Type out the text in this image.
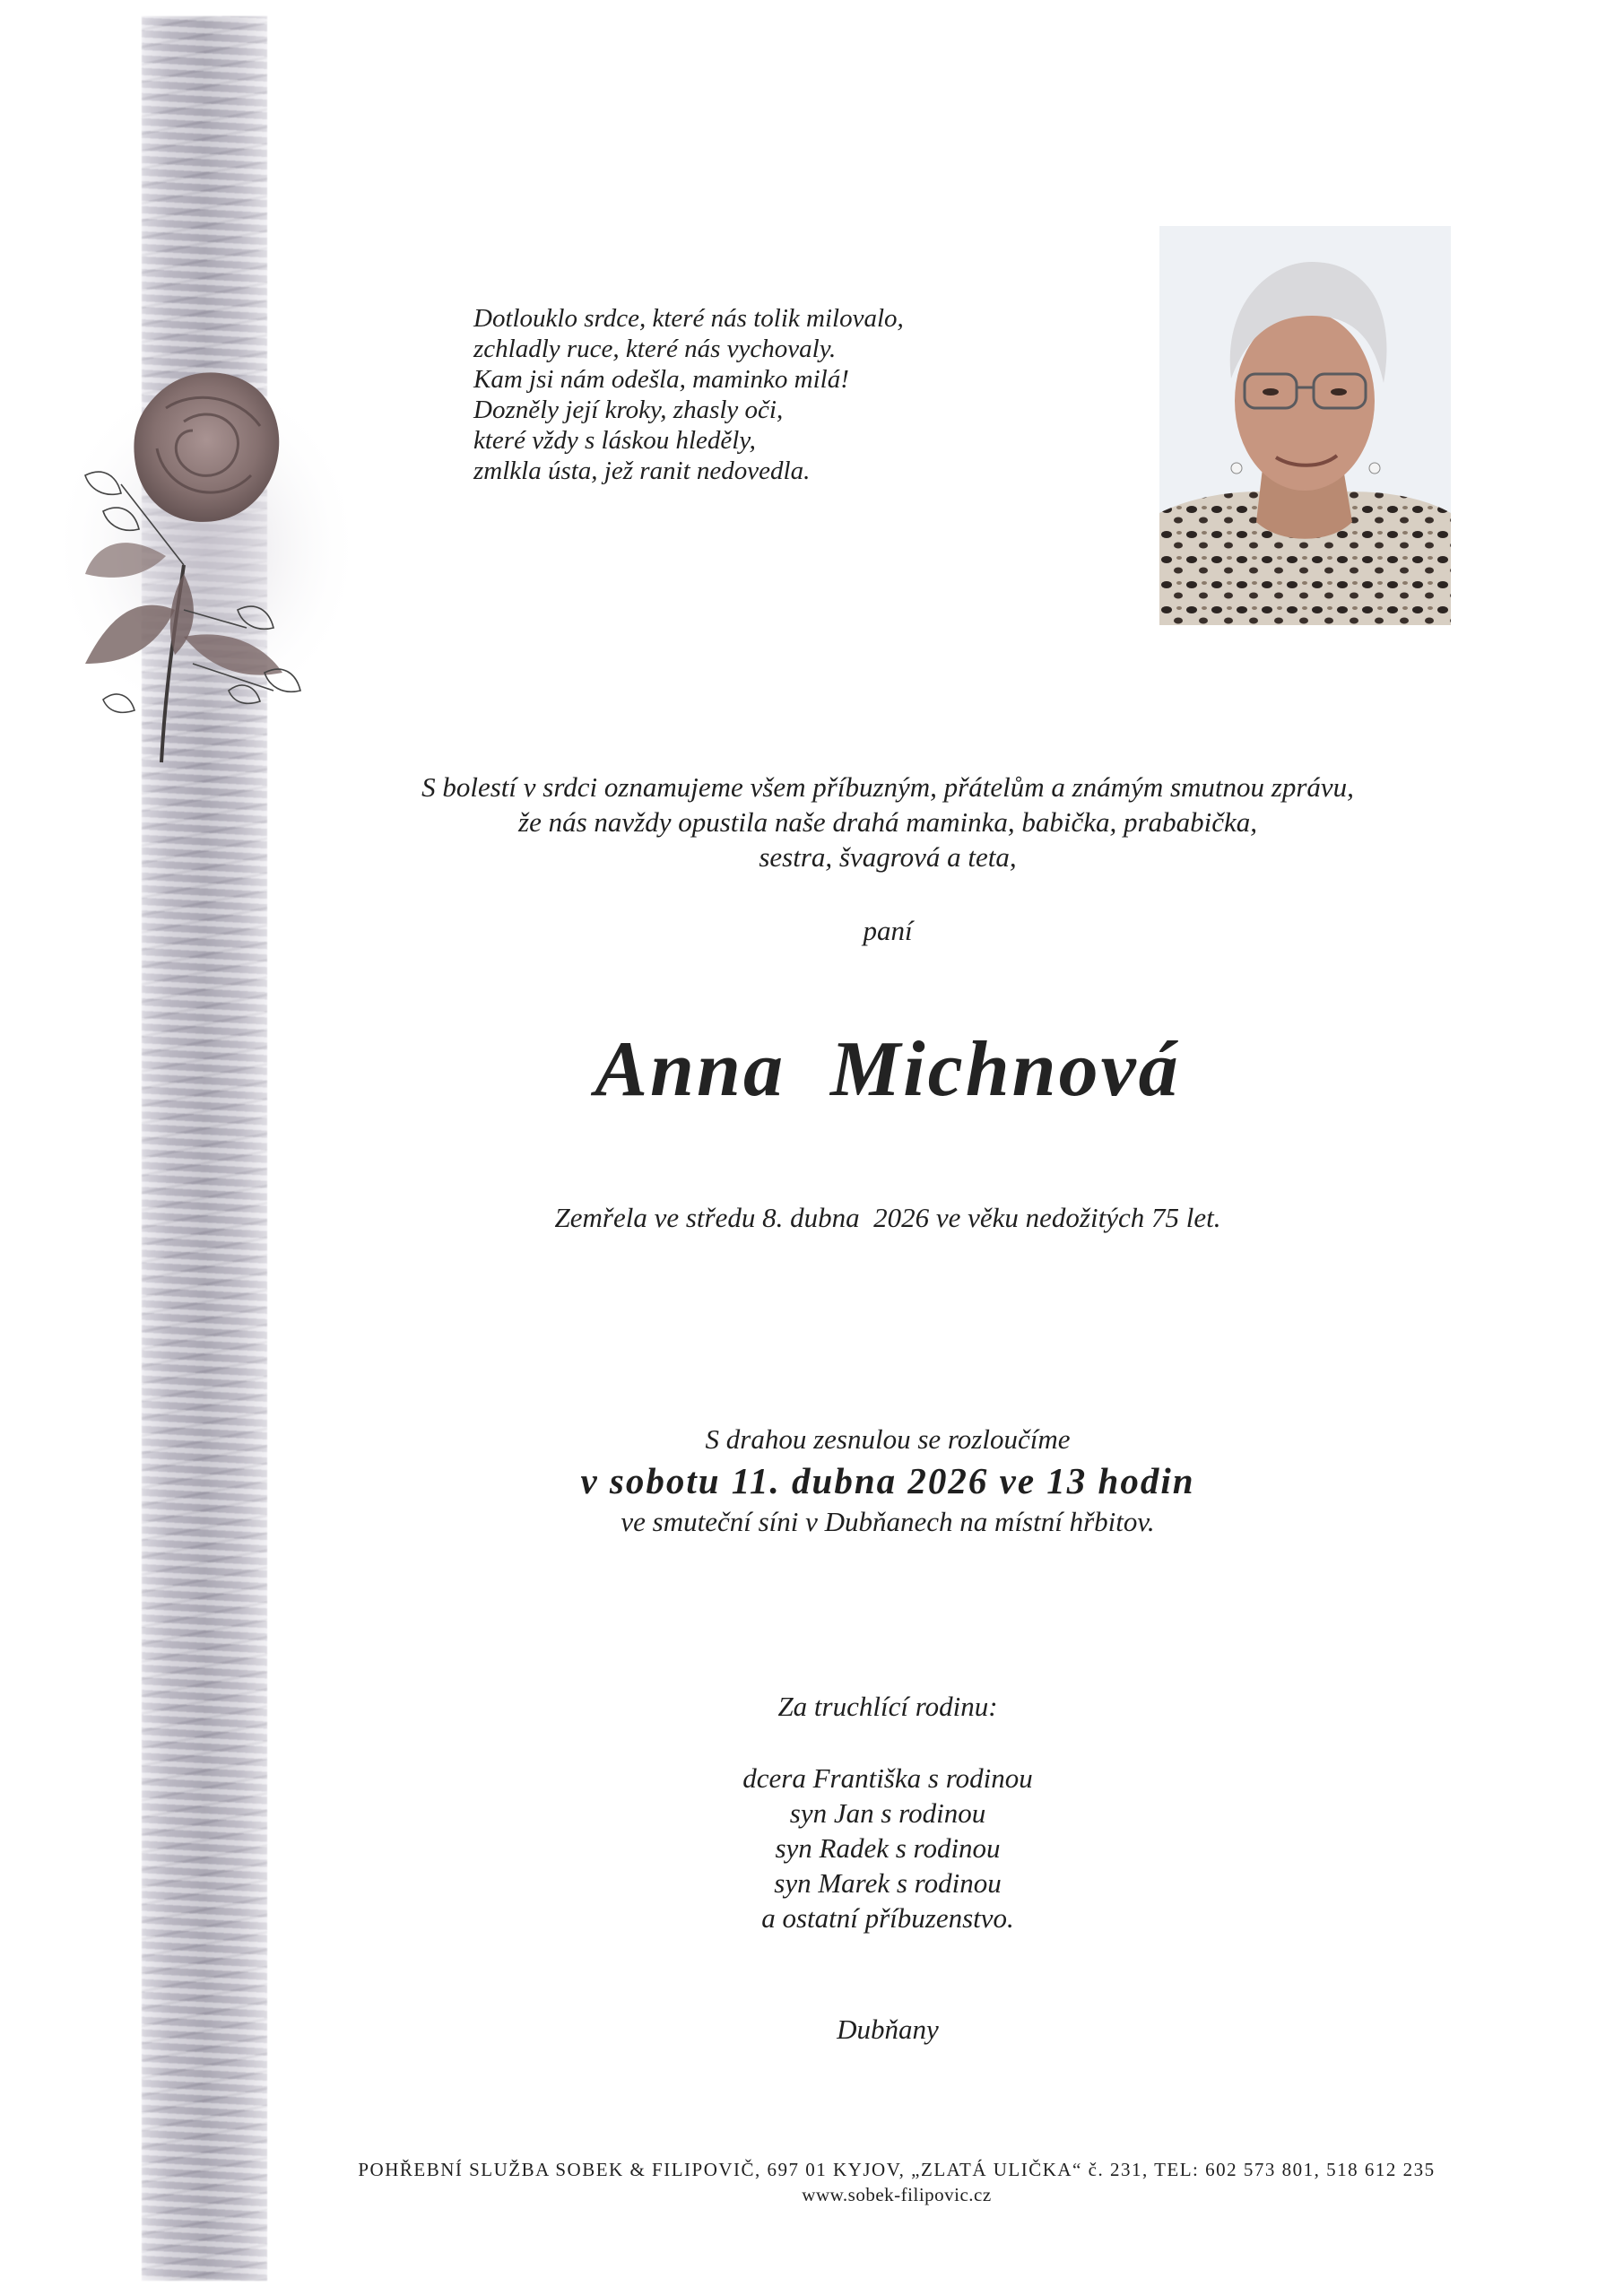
Dotlouklo srdce, které nás tolik milovalo,
zchladly ruce, které nás vychovaly.
Kam jsi nám odešla, maminko milá!
Dozněly její kroky, zhasly oči,
které vždy s láskou hleděly,
zmlkla ústa, jež ranit nedovedla.
S bolestí v srdci oznamujeme všem příbuzným, přátelům a známým smutnou zprávu,
že nás navždy opustila naše drahá maminka, babička, prababička,
sestra, švagrová a teta,
paní
Anna  Michnová
Zemřela ve středu 8. dubna  2026 ve věku nedožitých 75 let.
S drahou zesnulou se rozloučíme
v sobotu 11. dubna 2026 ve 13 hodin
ve smuteční síni v Dubňanech na místní hřbitov.
Za truchlící rodinu:
dcera Františka s rodinou
syn Jan s rodinou
syn Radek s rodinou
syn Marek s rodinou
a ostatní příbuzenstvo.
Dubňany
POHŘEBNÍ SLUŽBA SOBEK & FILIPOVIČ, 697 01 KYJOV, „ZLATÁ ULIČKA“ č. 231, TEL: 602 573 801, 518 612 235
www.sobek-filipovic.cz
